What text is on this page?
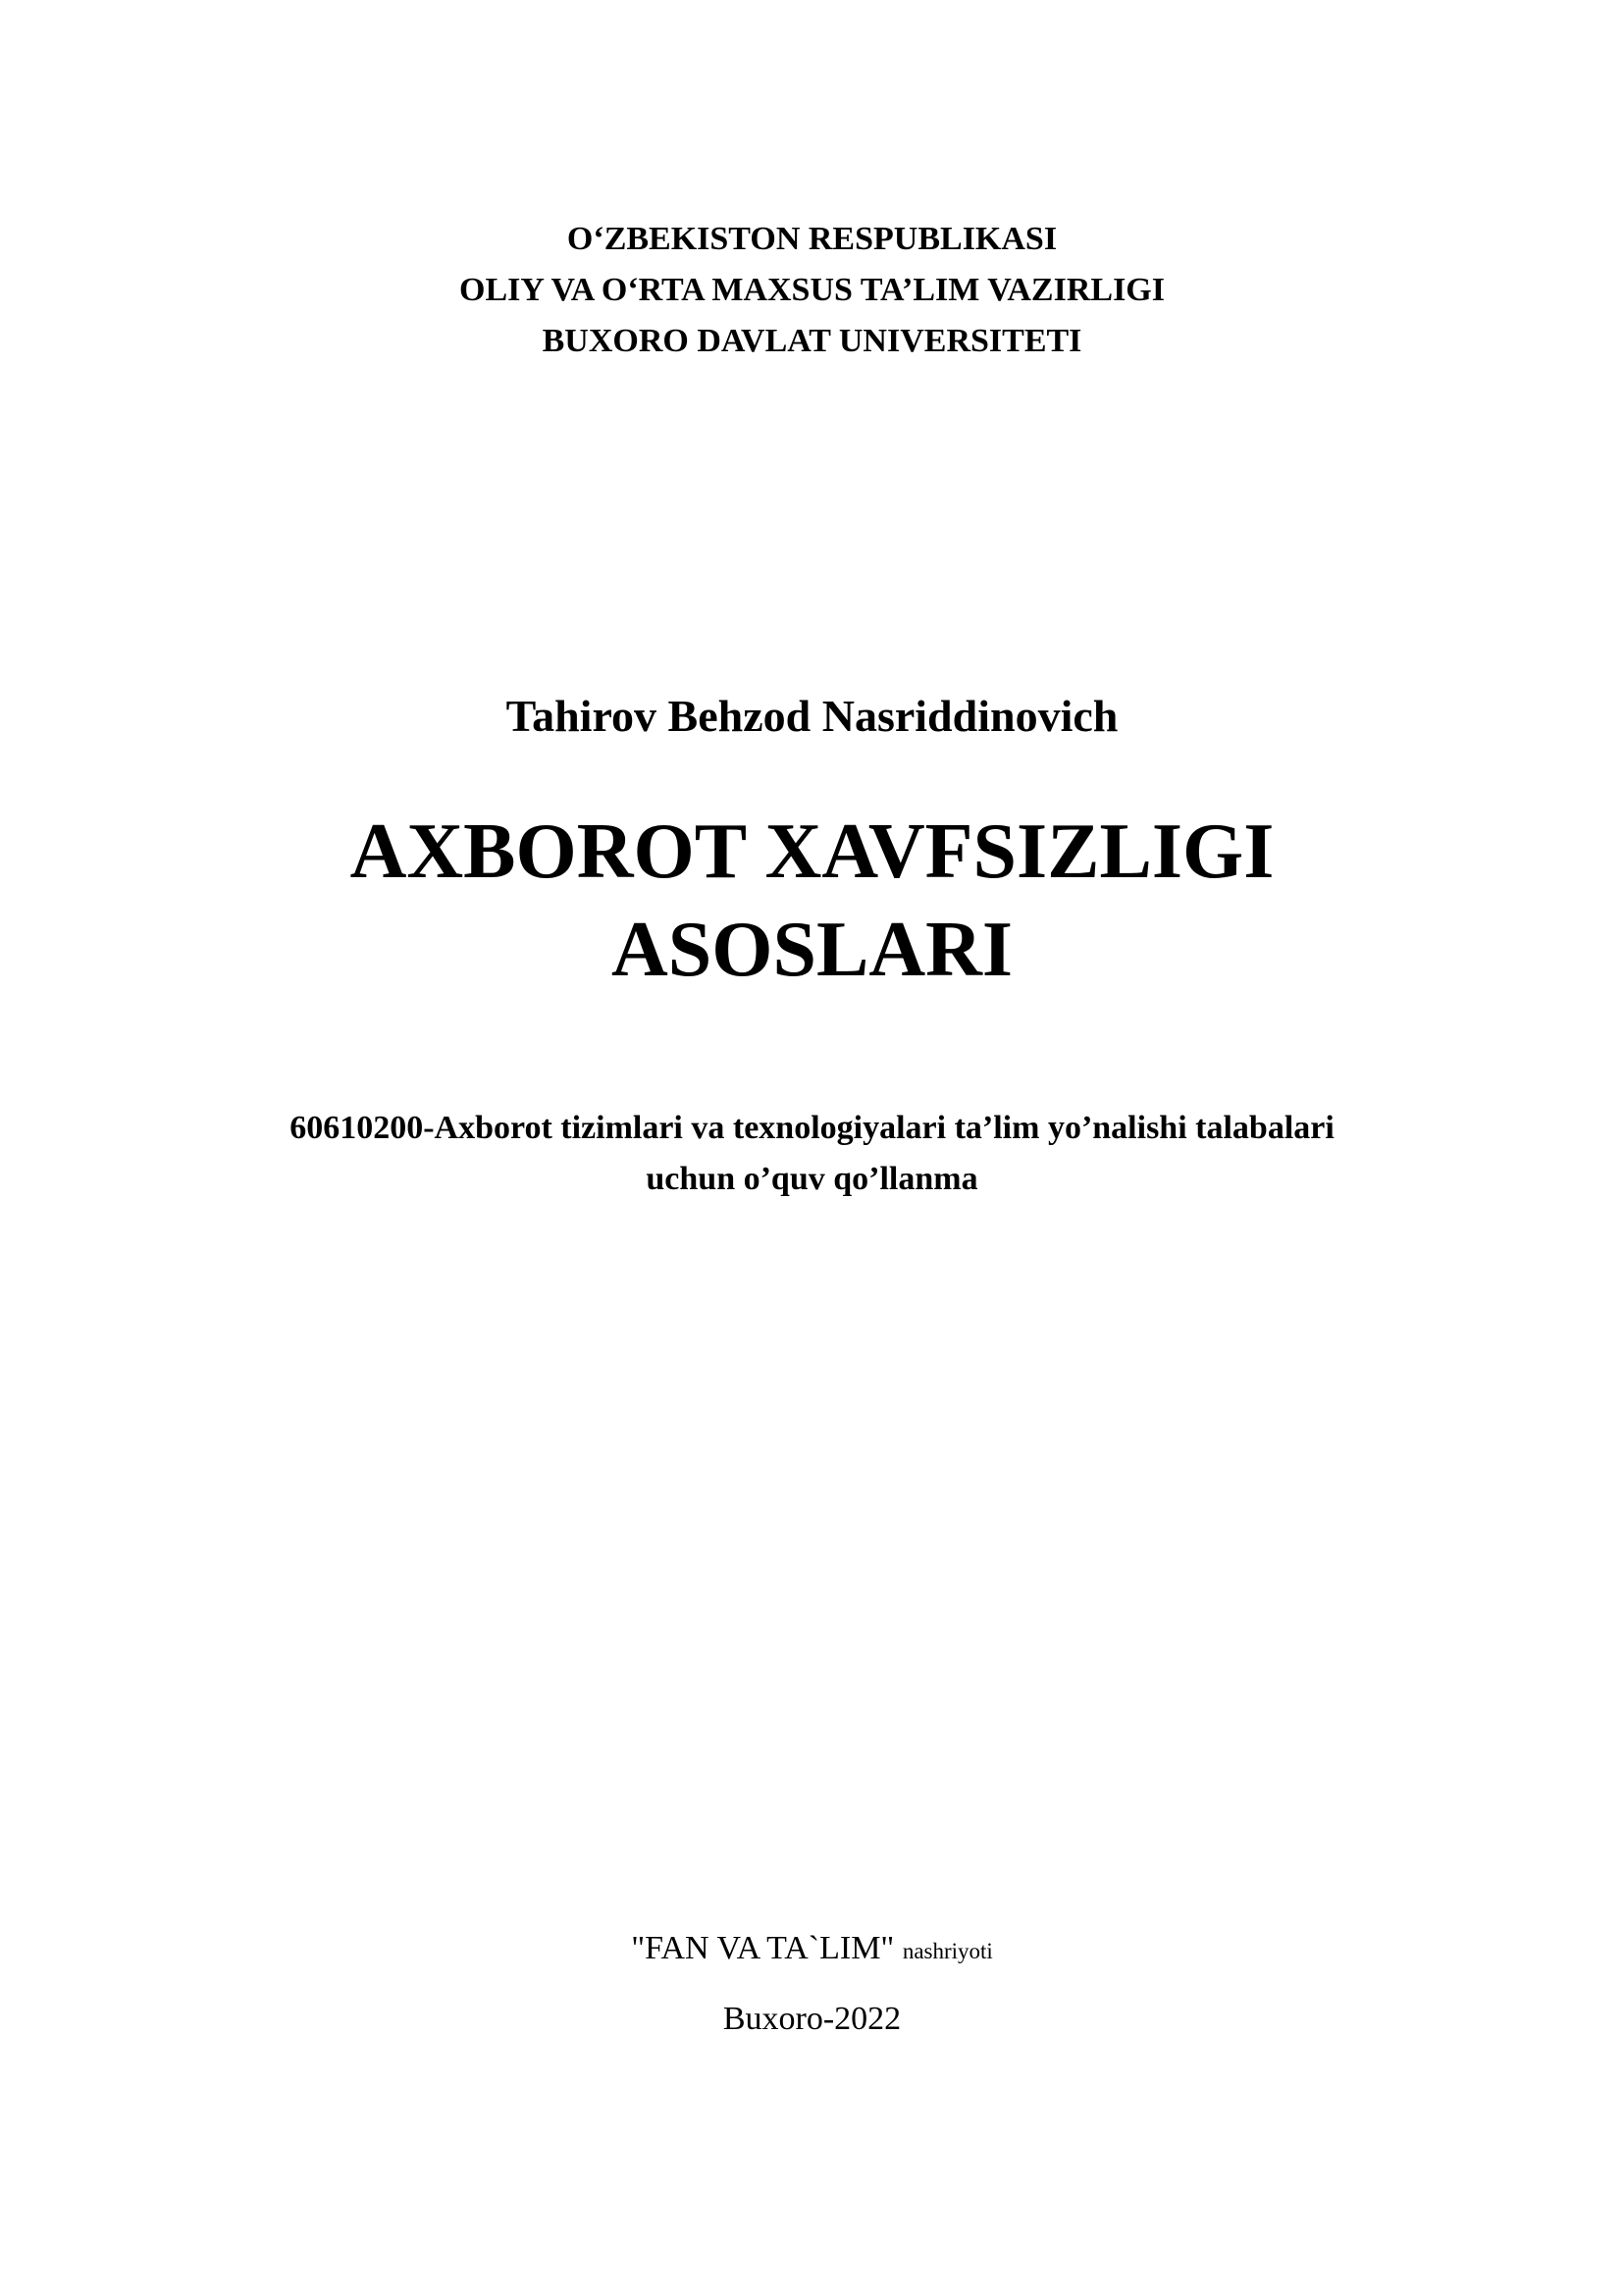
O‘ZBEKISTON RESPUBLIKASI
OLIY VA O‘RTA MAXSUS TA’LIM VAZIRLIGI
BUXORO DAVLAT UNIVERSITETI
Tahirov Behzod Nasriddinovich
AXBOROT XAVFSIZLIGI
ASOSLARI
60610200-Axborot tizimlari va texnologiyalari ta’lim yo’nalishi talabalari
uchun o’quv qo’llanma
"FAN VA TA`LIM" nashriyoti
Buxoro-2022
